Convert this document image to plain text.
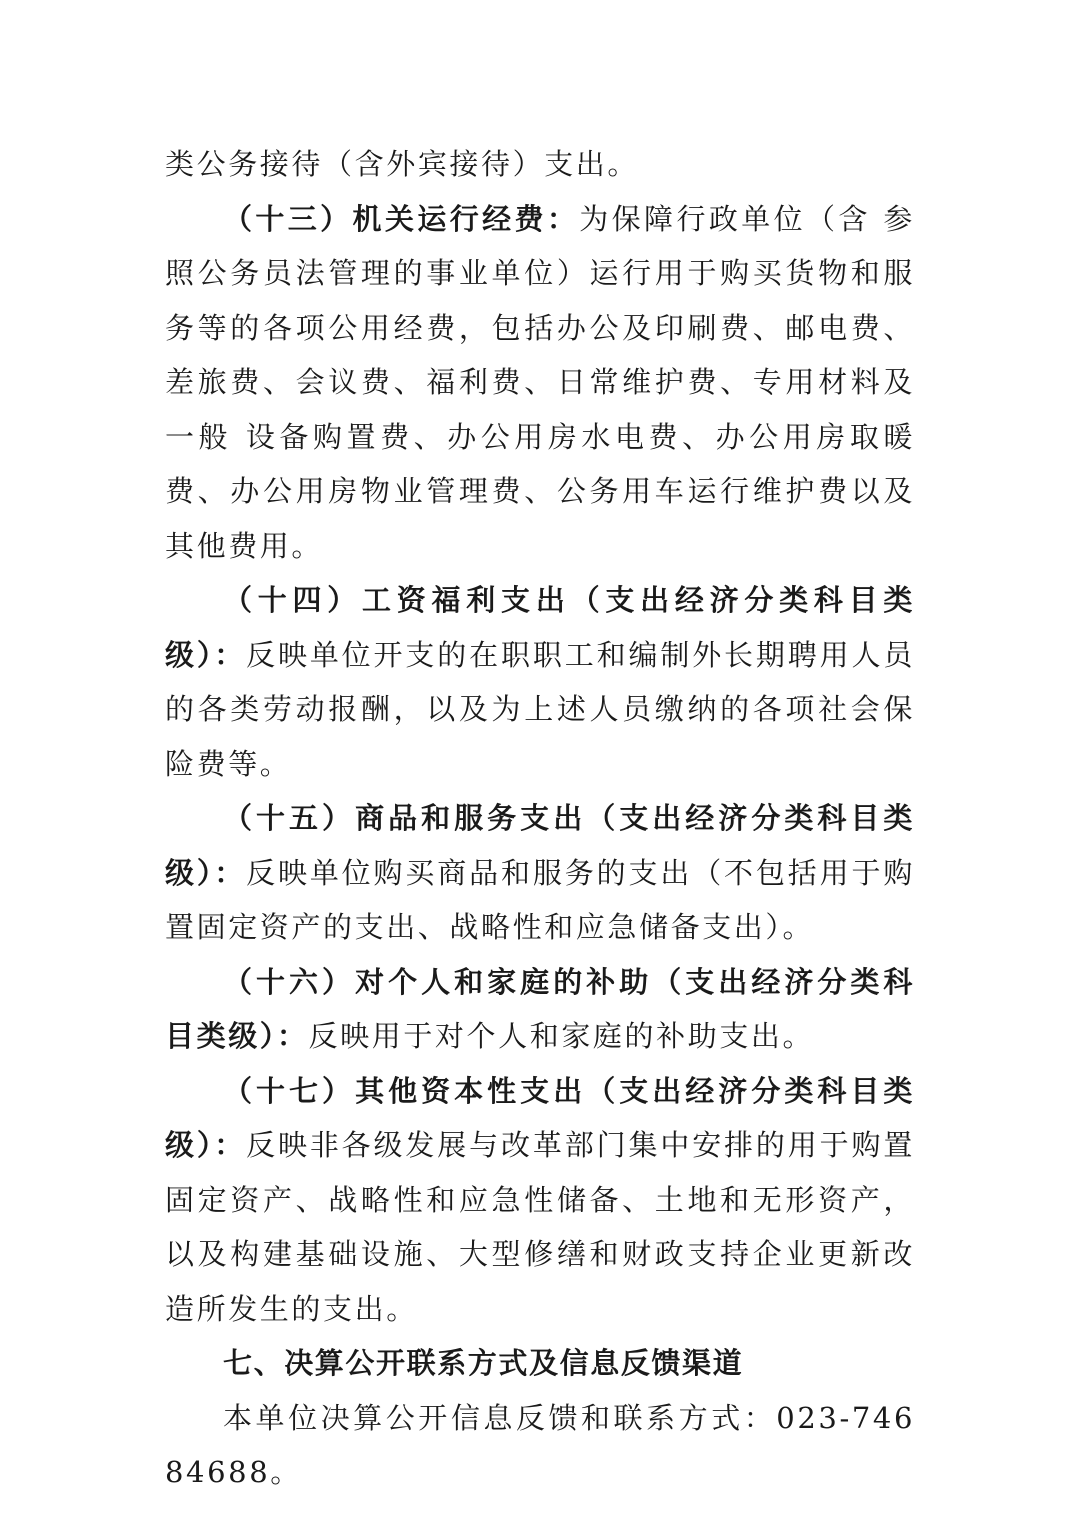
类公务接待（含外宾接待）支出。

（十三）机关运行经费：为保障行政单位（含 参照公务员法管理的事业单位）运行用于购买货物和服务等的各项公用经费，包括办公及印刷费、邮电费、差旅费、会议费、福利费、日常维护费、专用材料及一般 设备购置费、办公用房水电费、办公用房取暖费、办公用房物业管理费、公务用车运行维护费以及其他费用。

（十四）工资福利支出（支出经济分类科目类级）：反映单位开支的在职职工和编制外长期聘用人员的各类劳动报酬，以及为上述人员缴纳的各项社会保险费等。

（十五）商品和服务支出（支出经济分类科目类级）：反映单位购买商品和服务的支出（不包括用于购置固定资产的支出、战略性和应急储备支出）。

（十六）对个人和家庭的补助（支出经济分类科目类级）：反映用于对个人和家庭的补助支出。

（十七）其他资本性支出（支出经济分类科目类级）：反映非各级发展与改革部门集中安排的用于购置固定资产、战略性和应急性储备、土地和无形资产，以及构建基础设施、大型修缮和财政支持企业更新改造所发生的支出。

七、决算公开联系方式及信息反馈渠道

本单位决算公开信息反馈和联系方式：023-74684688。
